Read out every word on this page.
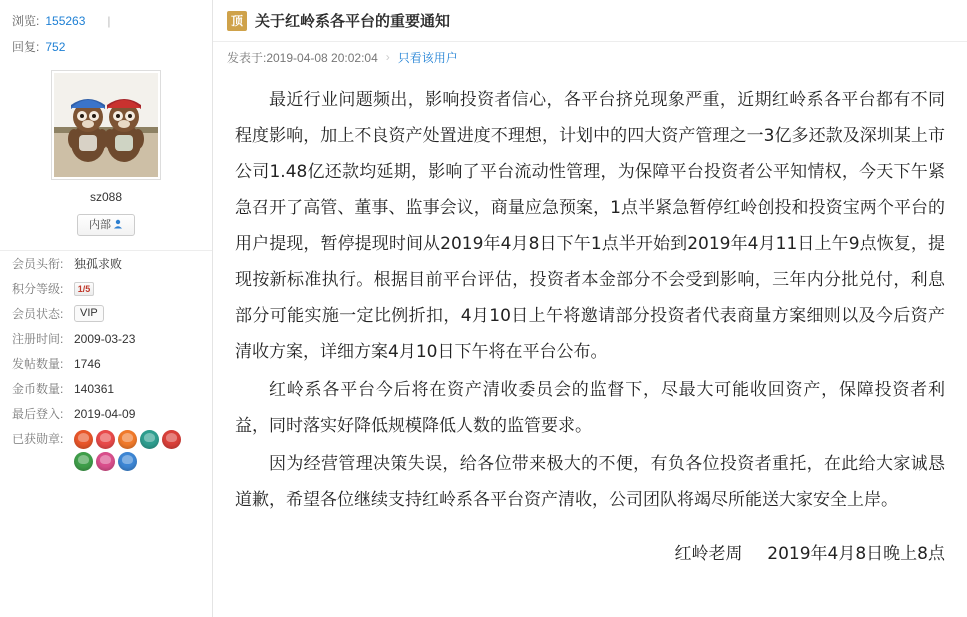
浏览: 155263 |
回复: 752
sz088
内部
会员头衔: 独孤求败
积分等级:	1/5
会员状态:	VIP
注册时间: 2009-03-23
发帖数量: 1746
金币数量: 140361
最后登入: 2019-04-09
已获勋章:
顶 关于红岭系各平台的重要通知
发表于:2019-04-08 20:02:04 › 只看该用户

最近行业问题频出，影响投资者信心，各平台挤兑现象严重，近期红岭系各平台都有不同程度影响，加上不良资产处置进度不理想，计划中的四大资产管理之一3亿多还款及深圳某上市公司1.48亿还款均延期，影响了平台流动性管理，为保障平台投资者公平知情权，今天下午紧急召开了高管、董事、监事会议，商量应急预案，1点半紧急暂停红岭创投和投资宝两个平台的用户提现，暂停提现时间从2019年4月8日下午1点半开始到2019年4月11日上午9点恢复，提现按新标准执行。根据目前平台评估，投资者本金部分不会受到影响，三年内分批兑付，利息部分可能实施一定比例折扣，4月10日上午将邀请部分投资者代表商量方案细则以及今后资产清收方案，详细方案4月10日下午将在平台公布。

红岭系各平台今后将在资产清收委员会的监督下，尽最大可能收回资产，保障投资者利益，同时落实好降低规模降低人数的监管要求。

因为经营管理决策失误，给各位带来极大的不便，有负各位投资者重托，在此给大家诚恳道歉，希望各位继续支持红岭系各平台资产清收，公司团队将竭尽所能送大家安全上岸。

红岭老周 2019年4月8日晚上8点
